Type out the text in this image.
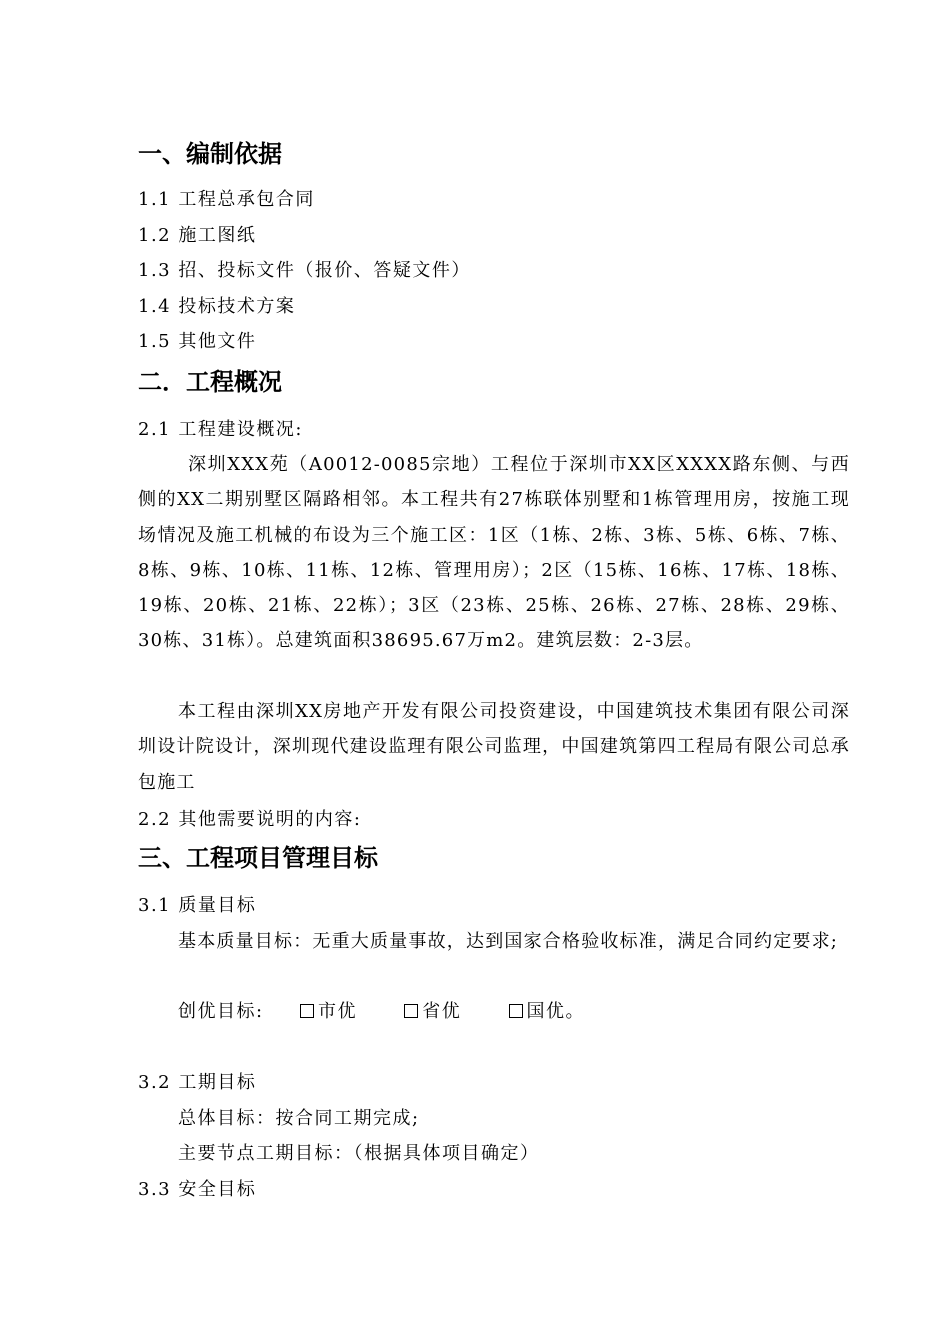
一、编制依据
1.1 工程总承包合同
1.2 施工图纸
1.3 招、投标文件（报价、答疑文件）
1.4 投标技术方案
1.5 其他文件
二．工程概况
2.1 工程建设概况:
深圳XXX苑（A0012-0085宗地）工程位于深圳市XX区XXXX路东侧、与西侧的XX二期别墅区隔路相邻。本工程共有27栋联体别墅和1栋管理用房，按施工现场情况及施工机械的布设为三个施工区：1区（1栋、2栋、3栋、5栋、6栋、7栋、8栋、9栋、10栋、11栋、12栋、管理用房）；2区（15栋、16栋、17栋、18栋、19栋、20栋、21栋、22栋）；3区（23栋、25栋、26栋、27栋、28栋、29栋、30栋、31栋）。总建筑面积38695.67万m2。建筑层数：2-3层。
本工程由深圳XX房地产开发有限公司投资建设，中国建筑技术集团有限公司深圳设计院设计，深圳现代建设监理有限公司监理，中国建筑第四工程局有限公司总承包施工
2.2 其他需要说明的内容:
三、工程项目管理目标
3.1 质量目标
基本质量目标：无重大质量事故，达到国家合格验收标准，满足合同约定要求;
创优目标:	市优	省优	国优。
3.2 工期目标
总体目标：按合同工期完成;
主要节点工期目标：（根据具体项目确定）
3.3 安全目标
